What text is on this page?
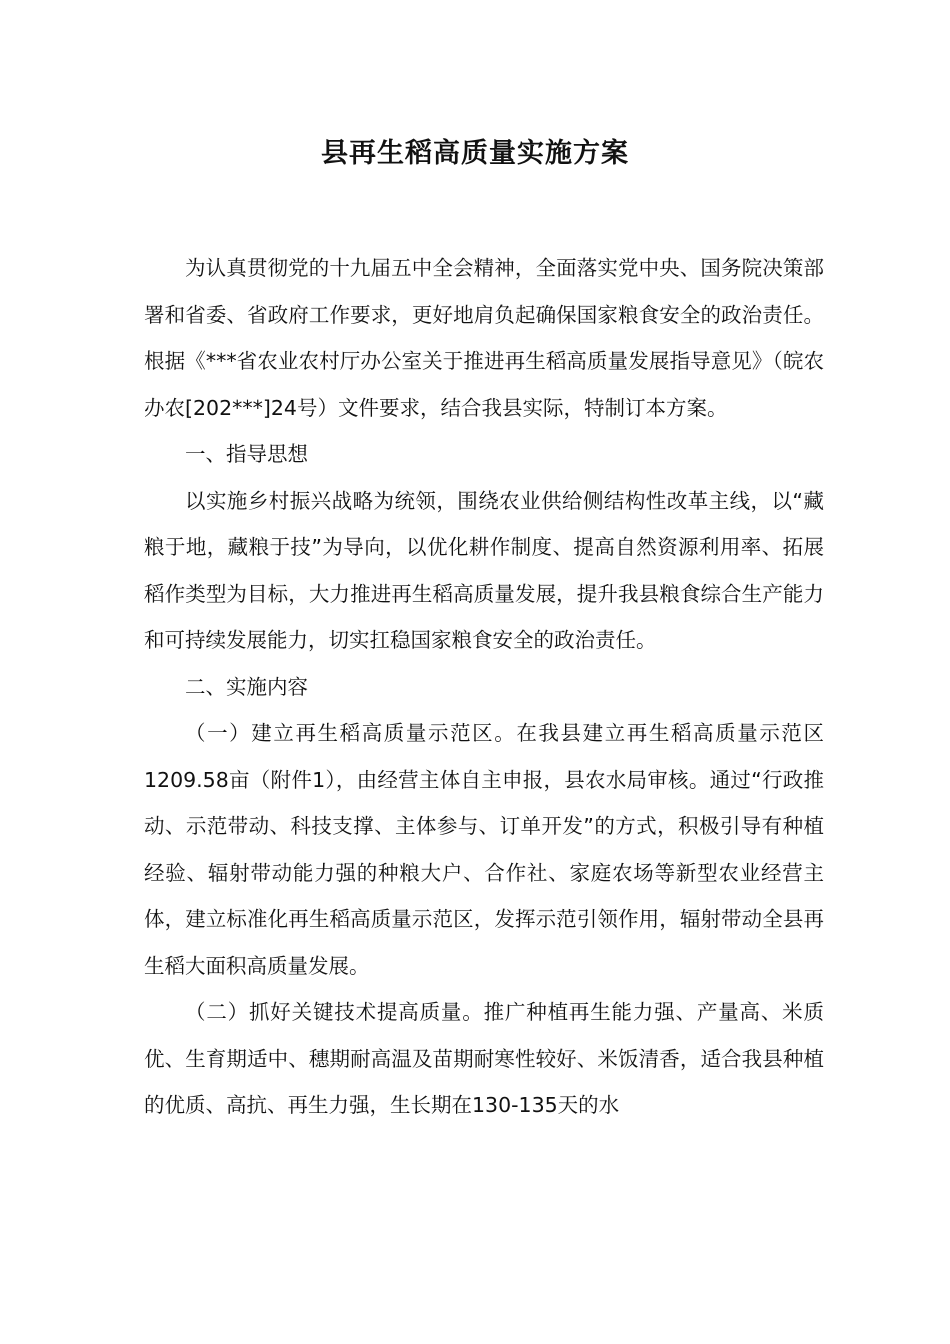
县再生稻高质量实施方案

为认真贯彻党的十九届五中全会精神，全面落实党中央、国务院决策部署和省委、省政府工作要求，更好地肩负起确保国家粮食安全的政治责任。根据《***省农业农村厅办公室关于推进再生稻高质量发展指导意见》（皖农办农[202***]24号）文件要求，结合我县实际，特制订本方案。

一、指导思想

以实施乡村振兴战略为统领，围绕农业供给侧结构性改革主线，以“藏粮于地，藏粮于技”为导向，以优化耕作制度、提高自然资源利用率、拓展稻作类型为目标，大力推进再生稻高质量发展，提升我县粮食综合生产能力和可持续发展能力，切实扛稳国家粮食安全的政治责任。

二、实施内容

（一）建立再生稻高质量示范区。在我县建立再生稻高质量示范区1209.58亩（附件1），由经营主体自主申报，县农水局审核。通过“行政推动、示范带动、科技支撑、主体参与、订单开发”的方式，积极引导有种植经验、辐射带动能力强的种粮大户、合作社、家庭农场等新型农业经营主体，建立标准化再生稻高质量示范区，发挥示范引领作用，辐射带动全县再生稻大面积高质量发展。

（二）抓好关键技术提高质量。推广种植再生能力强、产量高、米质优、生育期适中、穗期耐高温及苗期耐寒性较好、米饭清香，适合我县种植的优质、高抗、再生力强，生长期在130-135天的水
